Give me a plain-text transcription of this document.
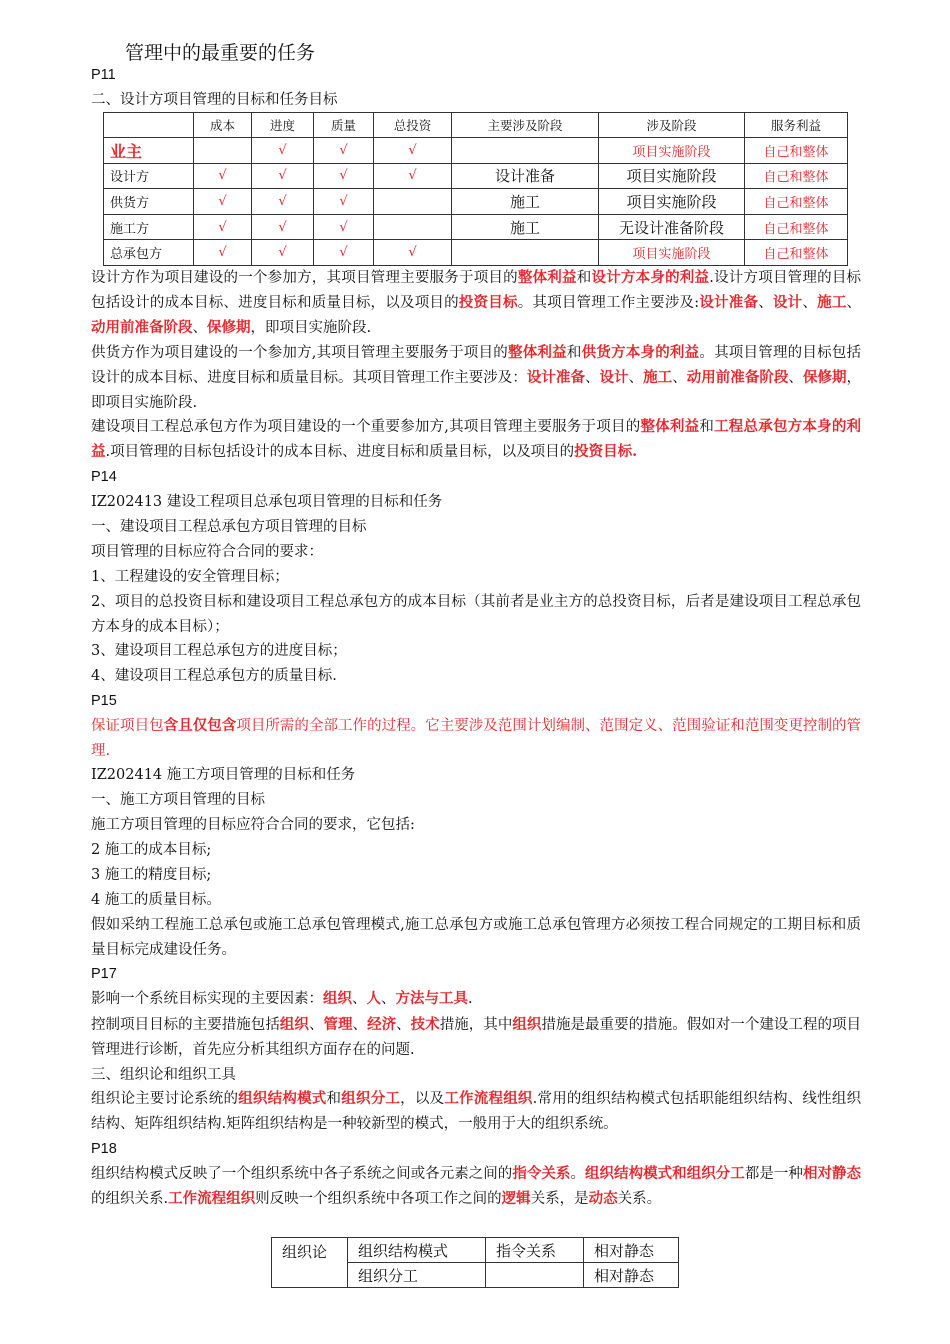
管理中的最重要的任务
P11
二、设计方项目管理的目标和任务目标
	成本	进度	质量	总投资	主要涉及阶段	涉及阶段	服务利益
业主		√	√	√		项目实施阶段	自己和整体
设计方	√	√	√	√	设计准备	项目实施阶段	自己和整体
供货方	√	√	√		施工	项目实施阶段	自己和整体
施工方	√	√	√		施工	无设计准备阶段	自己和整体
总承包方	√	√	√	√		项目实施阶段	自己和整体
设计方作为项目建设的一个参加方，其项目管理主要服务于项目的整体利益和设计方本身的利益.设计方项目管理的目标包括设计的成本目标、进度目标和质量目标，以及项目的投资目标。其项目管理工作主要涉及:设计准备、设计、施工、动用前准备阶段、保修期，即项目实施阶段.
供货方作为项目建设的一个参加方,其项目管理主要服务于项目的整体利益和供货方本身的利益。其项目管理的目标包括设计的成本目标、进度目标和质量目标。其项目管理工作主要涉及：设计准备、设计、施工、动用前准备阶段、保修期，即项目实施阶段.
建设项目工程总承包方作为项目建设的一个重要参加方,其项目管理主要服务于项目的整体利益和工程总承包方本身的利益.项目管理的目标包括设计的成本目标、进度目标和质量目标，以及项目的投资目标.
P14
IZ202413 建设工程项目总承包项目管理的目标和任务
一、建设项目工程总承包方项目管理的目标
项目管理的目标应符合合同的要求：
1、工程建设的安全管理目标；
2、项目的总投资目标和建设项目工程总承包方的成本目标（其前者是业主方的总投资目标，后者是建设项目工程总承包方本身的成本目标）；
3、建设项目工程总承包方的进度目标；
4、建设项目工程总承包方的质量目标.
P15
保证项目包含且仅包含项目所需的全部工作的过程。它主要涉及范围计划编制、范围定义、范围验证和范围变更控制的管理.
IZ202414 施工方项目管理的目标和任务
一、施工方项目管理的目标
施工方项目管理的目标应符合合同的要求，它包括:
2 施工的成本目标;
3 施工的精度目标;
4 施工的质量目标。
假如采纳工程施工总承包或施工总承包管理模式,施工总承包方或施工总承包管理方必须按工程合同规定的工期目标和质量目标完成建设任务。
P17
影响一个系统目标实现的主要因素：组织、人、方法与工具.
控制项目目标的主要措施包括组织、管理、经济、技术措施，其中组织措施是最重要的措施。假如对一个建设工程的项目管理进行诊断，首先应分析其组织方面存在的问题.
三、组织论和组织工具
组织论主要讨论系统的组织结构模式和组织分工，以及工作流程组织.常用的组织结构模式包括职能组织结构、线性组织结构、矩阵组织结构.矩阵组织结构是一种较新型的模式，一般用于大的组织系统。
P18
组织结构模式反映了一个组织系统中各子系统之间或各元素之间的指令关系。组织结构模式和组织分工都是一种相对静态的组织关系.工作流程组织则反映一个组织系统中各项工作之间的逻辑关系，是动态关系。
组织论	组织结构模式	指令关系	相对静态
	组织分工		相对静态
